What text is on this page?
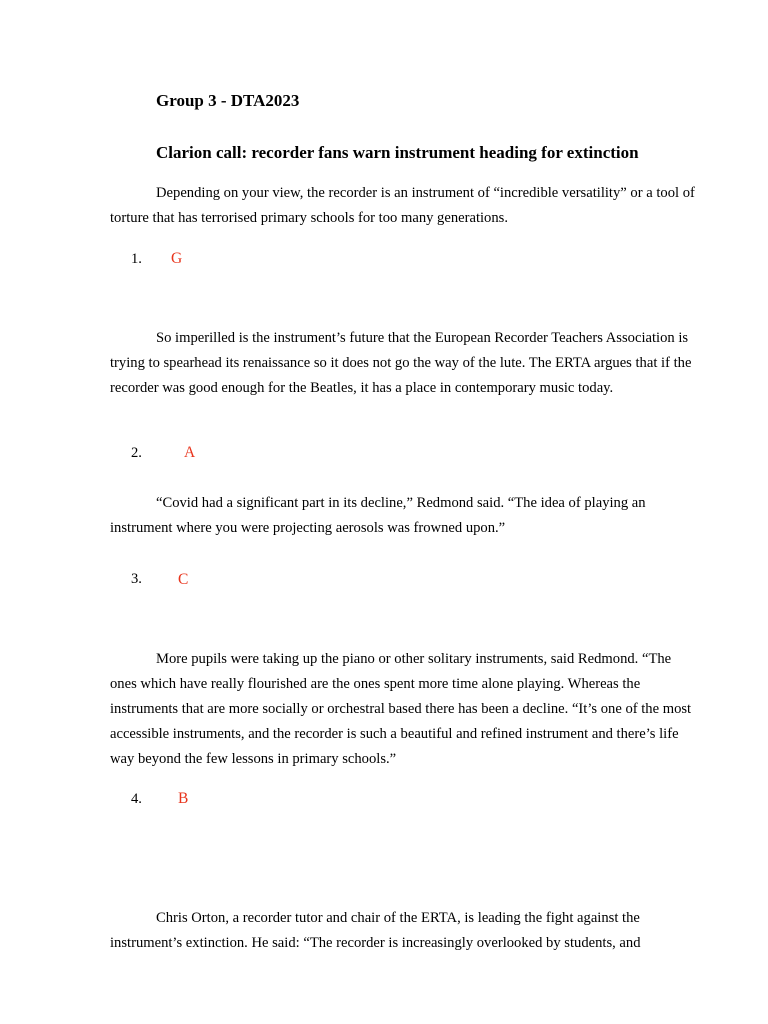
Group 3 - DTA2023
Clarion call: recorder fans warn instrument heading for extinction

Depending on your view, the recorder is an instrument of “incredible versatility” or a tool of torture that has terrorised primary schools for too many generations.

1. G

So imperilled is the instrument’s future that the European Recorder Teachers Association is trying to spearhead its renaissance so it does not go the way of the lute. The ERTA argues that if the recorder was good enough for the Beatles, it has a place in contemporary music today.

2.	A

“Covid had a significant part in its decline,” Redmond said. “The idea of playing an instrument where you were projecting aerosols was frowned upon.”

3. C

More pupils were taking up the piano or other solitary instruments, said Redmond. “The ones which have really flourished are the ones spent more time alone playing. Whereas the instruments that are more socially or orchestral based there has been a decline. “It’s one of the most accessible instruments, and the recorder is such a beautiful and refined instrument and there’s life way beyond the few lessons in primary schools.”

4. B

Chris Orton, a recorder tutor and chair of the ERTA, is leading the fight against the instrument’s extinction. He said: “The recorder is increasingly overlooked by students, and
